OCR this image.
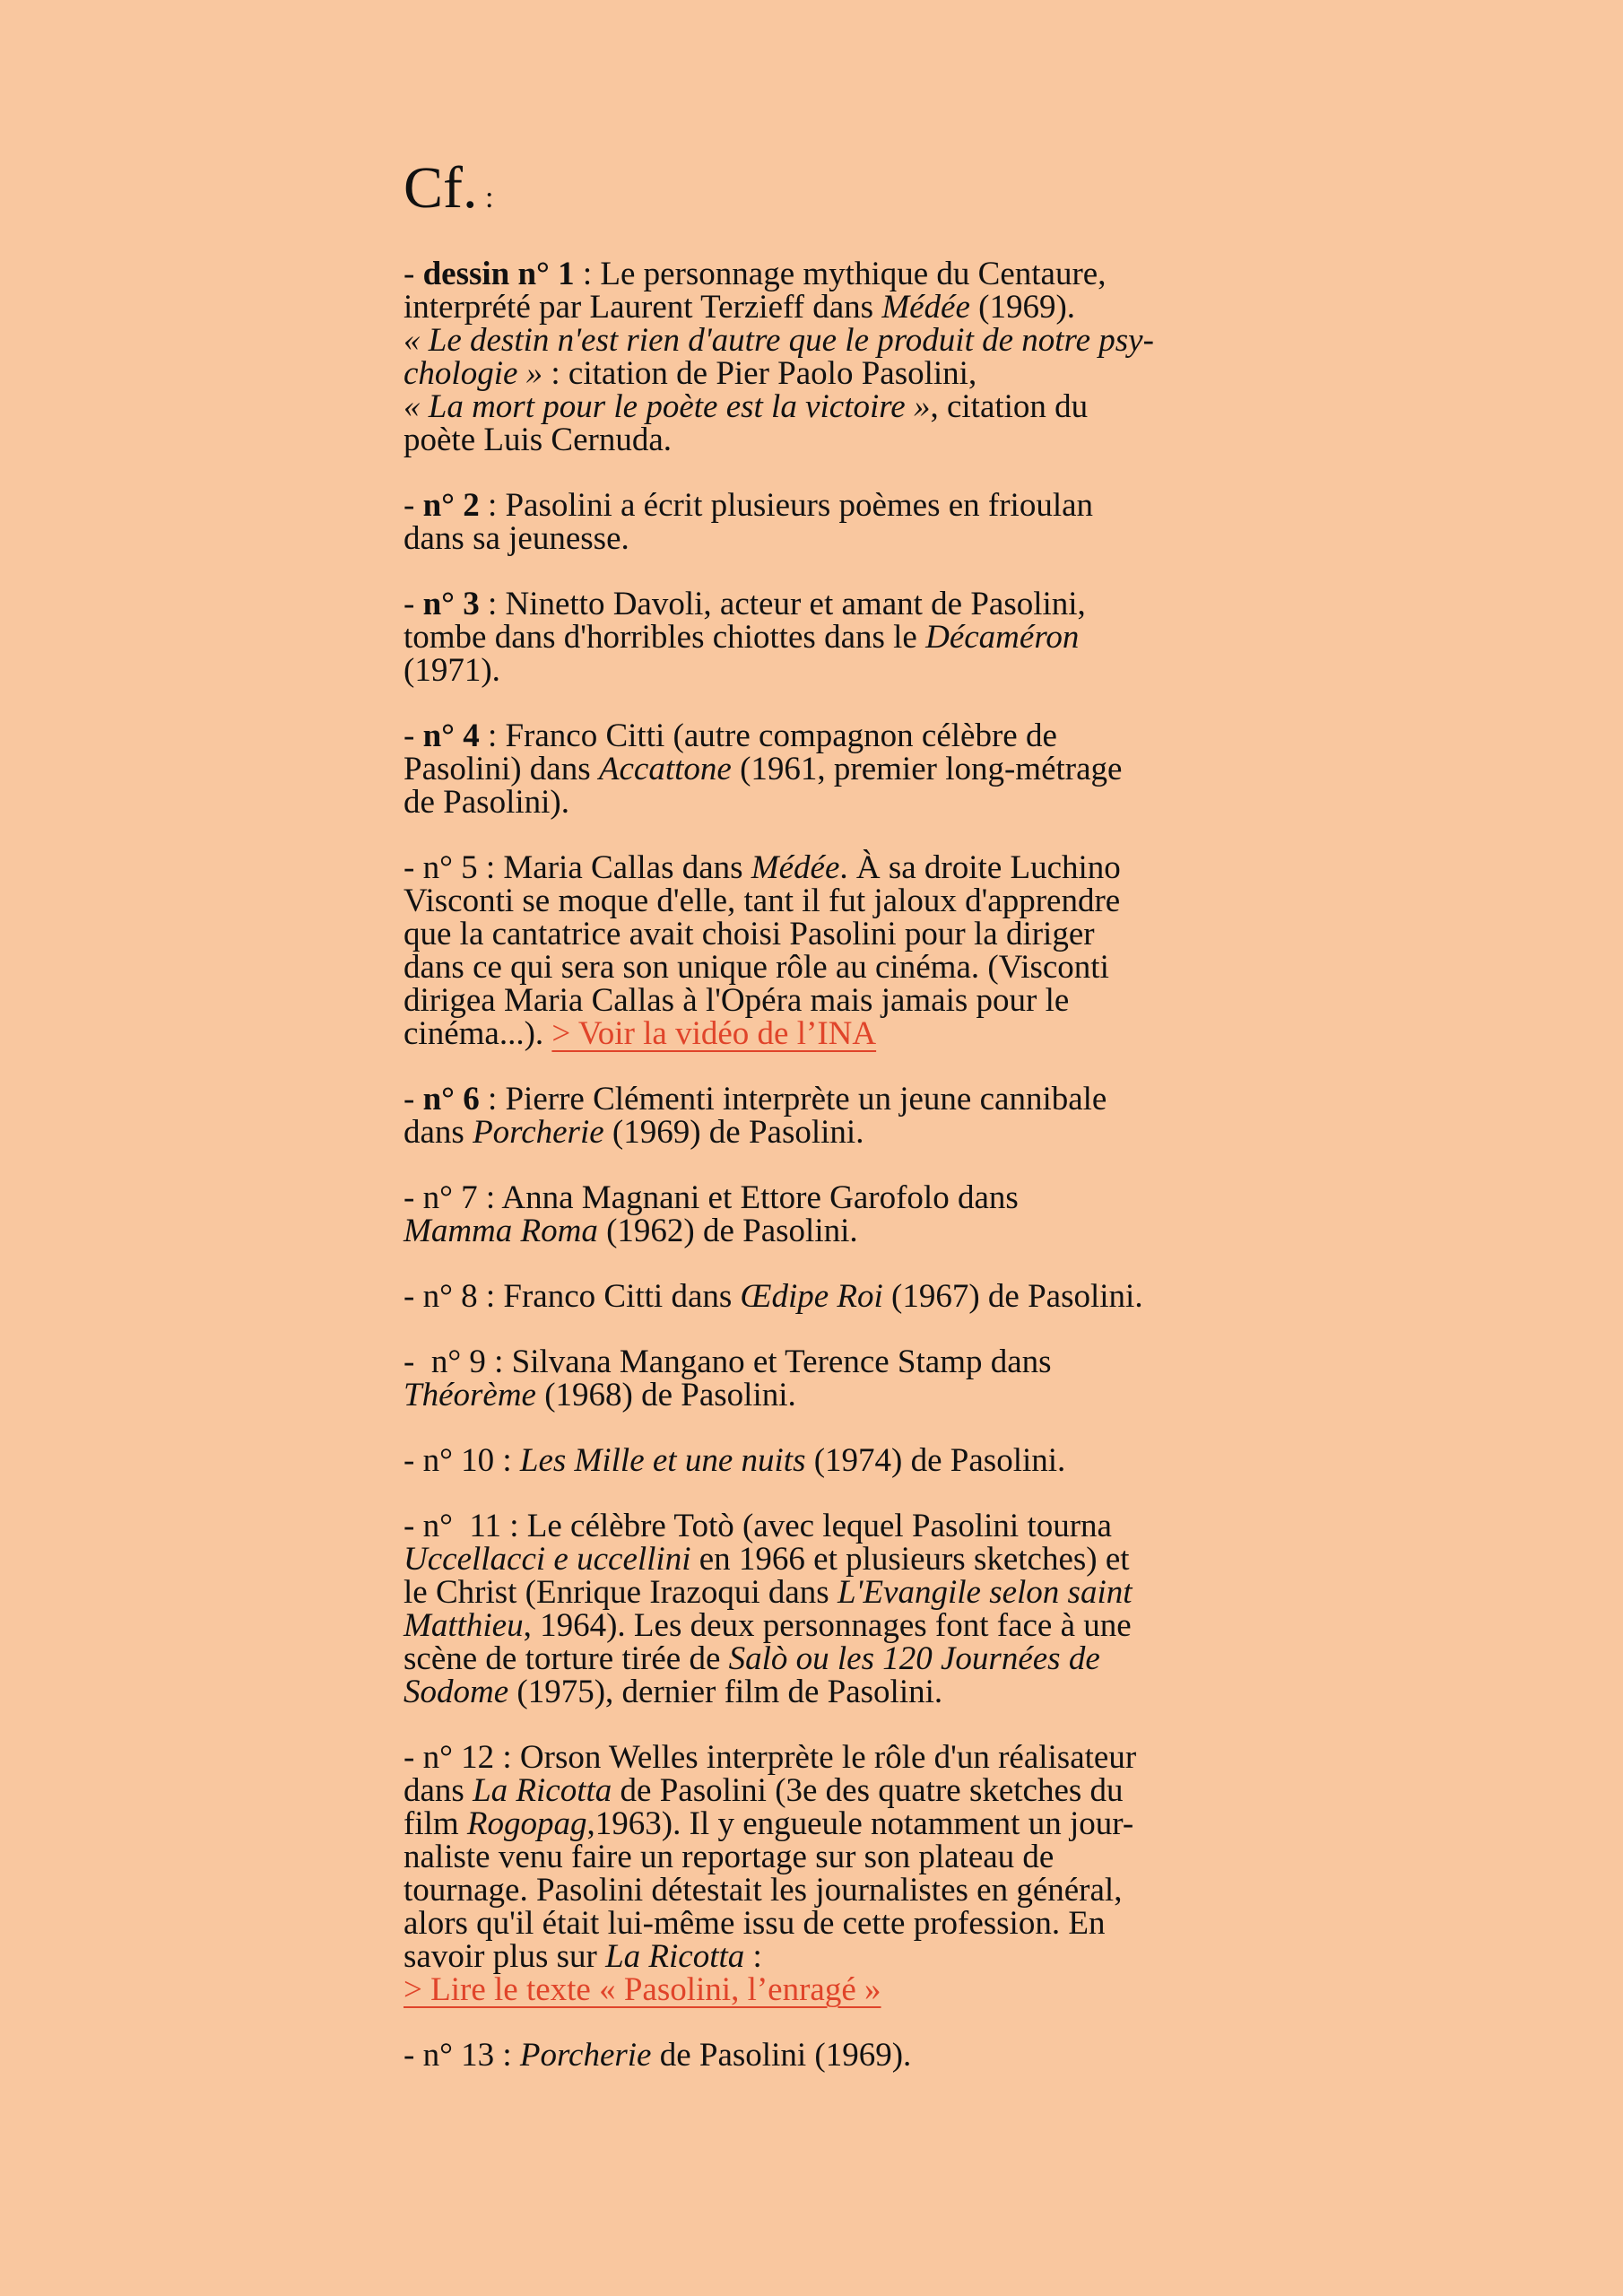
Cf. :
- dessin n° 1 : Le personnage mythique du Centaure,
interprété par Laurent Terzieff dans Médée (1969).
« Le destin n'est rien d'autre que le produit de notre psy-
chologie » : citation de Pier Paolo Pasolini,
« La mort pour le poète est la victoire », citation du
poète Luis Cernuda.
- n° 2 : Pasolini a écrit plusieurs poèmes en frioulan
dans sa jeunesse.
- n° 3 : Ninetto Davoli, acteur et amant de Pasolini,
tombe dans d'horribles chiottes dans le Décaméron
(1971).
- n° 4 : Franco Citti (autre compagnon célèbre de
Pasolini) dans Accattone (1961, premier long-métrage
de Pasolini).
- n° 5 : Maria Callas dans Médée. À sa droite Luchino
Visconti se moque d'elle, tant il fut jaloux d'apprendre
que la cantatrice avait choisi Pasolini pour la diriger
dans ce qui sera son unique rôle au cinéma. (Visconti
dirigea Maria Callas à l'Opéra mais jamais pour le
cinéma...). > Voir la vidéo de l’INA
- n° 6 : Pierre Clémenti interprète un jeune cannibale
dans Porcherie (1969) de Pasolini.
- n° 7 : Anna Magnani et Ettore Garofolo dans
Mamma Roma (1962) de Pasolini.
- n° 8 : Franco Citti dans Œdipe Roi (1967) de Pasolini.
-  n° 9 : Silvana Mangano et Terence Stamp dans
Théorème (1968) de Pasolini.
- n° 10 : Les Mille et une nuits (1974) de Pasolini.
- n°  11 : Le célèbre Totò (avec lequel Pasolini tourna
Uccellacci e uccellini en 1966 et plusieurs sketches) et
le Christ (Enrique Irazoqui dans L'Evangile selon saint
Matthieu, 1964). Les deux personnages font face à une
scène de torture tirée de Salò ou les 120 Journées de
Sodome (1975), dernier film de Pasolini.
- n° 12 : Orson Welles interprète le rôle d'un réalisateur
dans La Ricotta de Pasolini (3e des quatre sketches du
film Rogopag,1963). Il y engueule notamment un jour-
naliste venu faire un reportage sur son plateau de
tournage. Pasolini détestait les journalistes en général,
alors qu'il était lui-même issu de cette profession. En
savoir plus sur La Ricotta :
> Lire le texte « Pasolini, l’enragé »
- n° 13 : Porcherie de Pasolini (1969).
